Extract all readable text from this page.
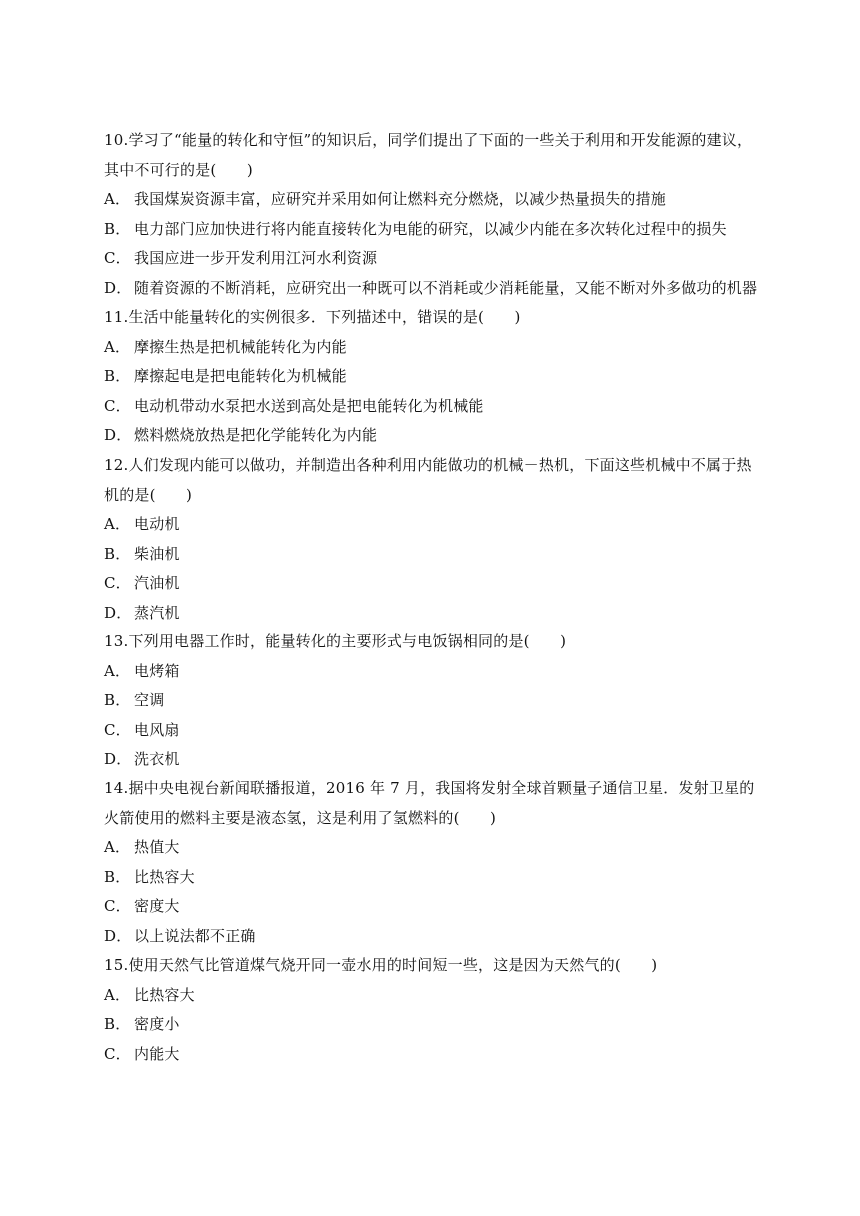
10.学习了“能量的转化和守恒”的知识后，同学们提出了下面的一些关于利用和开发能源的建议，其中不可行的是(　　)

A． 我国煤炭资源丰富，应研究并采用如何让燃料充分燃烧，以减少热量损失的措施

B． 电力部门应加快进行将内能直接转化为电能的研究，以减少内能在多次转化过程中的损失

C． 我国应进一步开发利用江河水利资源

D． 随着资源的不断消耗，应研究出一种既可以不消耗或少消耗能量，又能不断对外多做功的机器

11.生活中能量转化的实例很多．下列描述中，错误的是(　　)

A． 摩擦生热是把机械能转化为内能

B． 摩擦起电是把电能转化为机械能

C． 电动机带动水泵把水送到高处是把电能转化为机械能

D． 燃料燃烧放热是把化学能转化为内能

12.人们发现内能可以做功，并制造出各种利用内能做功的机械－热机，下面这些机械中不属于热机的是(　　)

A． 电动机

B． 柴油机

C． 汽油机

D． 蒸汽机

13.下列用电器工作时，能量转化的主要形式与电饭锅相同的是(　　)

A． 电烤箱

B． 空调

C． 电风扇

D． 洗衣机

14.据中央电视台新闻联播报道，2016 年 7 月，我国将发射全球首颗量子通信卫星．发射卫星的火箭使用的燃料主要是液态氢，这是利用了氢燃料的(　　)

A． 热值大

B． 比热容大

C． 密度大

D． 以上说法都不正确

15.使用天然气比管道煤气烧开同一壶水用的时间短一些，这是因为天然气的(　　)

A． 比热容大

B． 密度小

C． 内能大
